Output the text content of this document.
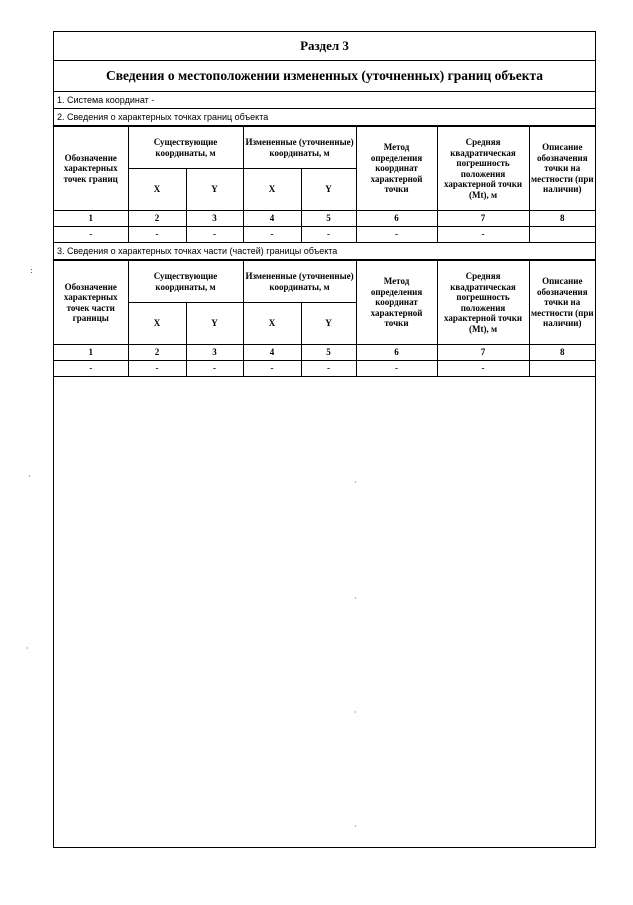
Раздел 3
Сведения о местоположении измененных (уточненных) границ объекта
1. Система координат -
2. Сведения о характерных точках границ объекта
Обозначение характерных точек границ	Существующие координаты, м		Измененные (уточненные) координаты, м		Метод определения координат характерной точки	Средняя квадратическая погрешность положения характерной точки (Mt), м	Описание обозначения точки на местности (при наличии)
	X	Y	X	Y			
1	2	3	4	5	6	7	8
-	-	-	-	-	-	-	
3. Сведения о характерных точках части (частей) границы объекта
Обозначение характерных точек части границы	Существующие координаты, м		Измененные (уточненные) координаты, м		Метод определения координат характерной точки	Средняя квадратическая погрешность положения характерной точки (Mt), м	Описание обозначения точки на местности (при наличии)
	X	Y	X	Y			
1	2	3	4	5	6	7	8
-	-	-	-	-	-	-	
:
·
·
·
·
·
·
